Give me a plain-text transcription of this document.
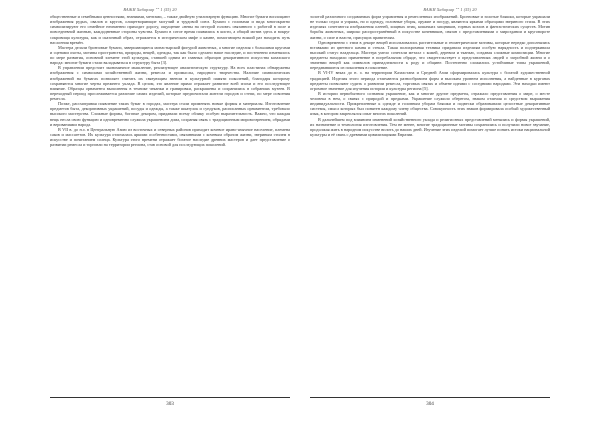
ВАЖИ Хабарлар "" 1 (55) 20

общественные и семейными ценностями, знаниями, мечтами, – также двойную утилитарную функцию. Многие бумаги воплощают изображения рудых, овалов и кругов, олицетворяющие могучий и трудовой союз. Бумаги с головами и вида многократно символизируют его семейное неизменно приходит дорогу, ощущение «невы на пестрой голове» связанного с работой в поле и повседневной жизнью, каждодневные стороны чувства. Бумаги в сотое время появились в кисти, а общий мотив здесь и вокруг сокровища культуры, как и сказочный образ, отражается в историческом мифе о камне, помогающем всякий раз находить путь наслоения времён.

Мастера делали бронзовые бумаги, завершающиеся монастырской фигурой животных, а многие изделия с большими кругами и сценами охоты, мотивы пространства, природы, вещей, одежды, так как было сделано наше наследие, и постепенно изменялось по мере развития, основной элемент этой культуры, ставшей одним из главных образцов декоративного искусства казахского народа: многие бумаги стали вкладываться в структуру быта [3].

В управлении предстоит экономичное мышление, реализующее аналитическую структуру. На всех пластинах обнаружены изображения с символами хозяйственной жизни, ремесла и промыслы, народного творчества. Наличие символических изображений на бумагах позволяет считать их связующим звеном в культурной памяти поколений, благодаря которому сохраняются многие черты прежнего уклада. В целом, это явление прямо отражает развитие всей эпохи и его последующее влияние. Образцы орнамента выполнены в технике чеканки и гравировки, раскрашены и сохранились в собраниях музеев. В переходный период прослеживается различие самих изделий, которые предпочитали жители городов и степи, по мере освоения ремесла.

Позже, рассматривая появление таких бумаг в городах, мастера стали применять новые формы и материалы. Изготовление предметов быта, декоративных украшений, посуды и одежды, а также шкатулок и сундуков, расписанных орнаментом, требовало высокого мастерства. Сложные формы, богатые декором, придавали всему облику особую выразительность. Важно, что каждая вещь несла свою функцию и одновременно служила украшением дома, сохраняя связь с традиционным мировоззрением, обрядами и верованиями народа.

В VII в. до н.э. в Центральную Азию из восточных и северных районов приходит кочевое ирано-язычное население, племена саков и массагетов. Их культура отличалась яркими особенностями, связанными с кочевым образом жизни, звериным стилем в искусстве и почитанием солнца. Культура этого времени отражает богатое наследие древних мастеров и дает представление о развитии ремесла и торговли на территории региона, став основой для последующих поколений.

303
ВАЖИ Хабарлар "" 1 (55) 20

золотой различного создаваемых форм управления и ремесленных изображений. Бронзовые и золотые бляшки, которые украшали не только седла и упряжь, но и одежду, головные уборы, оружие и посуду, являются яркими образцами звериного стиля. В этих изделиях сочетаются изображения оленей, хищных птиц, кошачьих хищников, горных козлов и фантастических существ. Мотив борьбы животных, широко распространённый в искусстве кочевников, связан с представлениями о мироздании и круговороте жизни, о силе и власти, присущих правителям.

Одновременно с этим в декоре вещей использовались растительные и геометрические мотивы, которые нередко дополнялись вставками из цветного камня и стекла. Такая полихромная техника придавала изделиям особую нарядность и подчеркивала высокий статус владельца. Мастера умело сочетали металл с кожей, деревом и тканью, создавая сложные композиции. Многие предметы находили применение в погребальном обряде, что свидетельствует о представлениях людей о загробной жизни и о значении вещей как символов принадлежности к роду и общине. Постепенно сложились устойчивые типы украшений, передававшиеся из поколения в поколение.

В VI-IV веках до н. э. на территории Казахстана и Средней Азии сформировалась культура с богатой художественной традицией. Изделия этого периода отличаются разнообразием форм и высоким уровнем исполнения, а найденные в курганах предметы позволяют судить о развитии ремесла, торговых связях и обмене идеями с соседними народами. Эти находки имеют огромное значение для изучения истории и культуры региона [5].

В истории первобытного сознания украшение, как и многие другие предметы, отражало представления о мире, о месте человека в нем, о связях с природой и предками. Украшение служило оберегом, знаком отличия и средством выражения индивидуальности. Прикрепленные к одежде и головным уборам бляшки и подвески образовывали целостные декоративные системы, смысл которых был понятен каждому члену общества. Совокупность этих знаков формировала особый художественный язык, в котором закреплялся опыт многих поколений.

В дальнейшем под влиянием изменений хозяйственного уклада и религиозных представлений менялись и формы украшений, их назначение и технология изготовления. Тем не менее, многие традиционные мотивы сохранились и получили новое звучание, продолжая жить в народном искусстве вплоть до наших дней. Изучение этих изделий помогает лучше понять истоки национальной культуры и её связь с древними цивилизациями Евразии.

304
